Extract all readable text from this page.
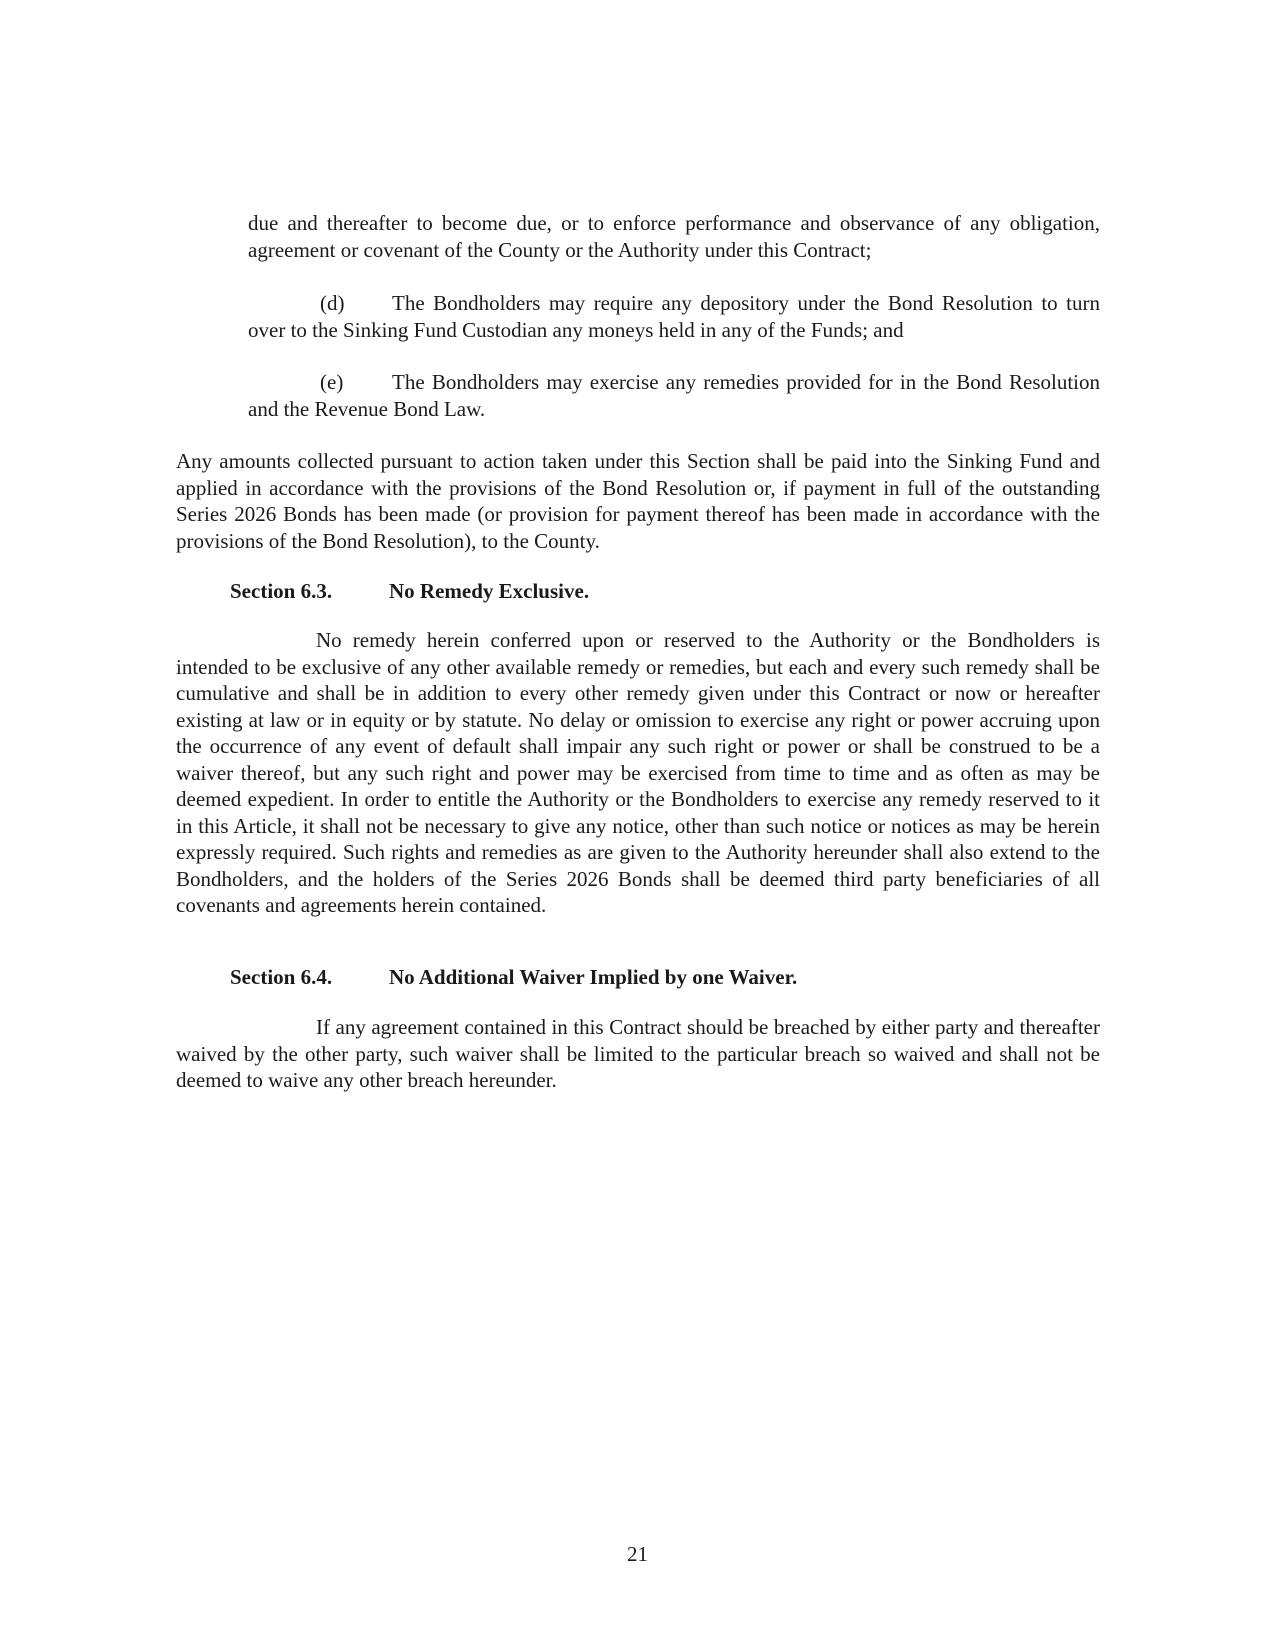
due and thereafter to become due, or to enforce performance and observance of any obligation, agreement or covenant of the County or the Authority under this Contract;

(d) The Bondholders may require any depository under the Bond Resolution to turn over to the Sinking Fund Custodian any moneys held in any of the Funds; and

(e) The Bondholders may exercise any remedies provided for in the Bond Resolution and the Revenue Bond Law.

Any amounts collected pursuant to action taken under this Section shall be paid into the Sinking Fund and applied in accordance with the provisions of the Bond Resolution or, if payment in full of the outstanding Series 2026 Bonds has been made (or provision for payment thereof has been made in accordance with the provisions of the Bond Resolution), to the County.

Section 6.3.	No Remedy Exclusive.

No remedy herein conferred upon or reserved to the Authority or the Bondholders is intended to be exclusive of any other available remedy or remedies, but each and every such remedy shall be cumulative and shall be in addition to every other remedy given under this Contract or now or hereafter existing at law or in equity or by statute. No delay or omission to exercise any right or power accruing upon the occurrence of any event of default shall impair any such right or power or shall be construed to be a waiver thereof, but any such right and power may be exercised from time to time and as often as may be deemed expedient. In order to entitle the Authority or the Bondholders to exercise any remedy reserved to it in this Article, it shall not be necessary to give any notice, other than such notice or notices as may be herein expressly required. Such rights and remedies as are given to the Authority hereunder shall also extend to the Bondholders, and the holders of the Series 2026 Bonds shall be deemed third party beneficiaries of all covenants and agreements herein contained.

Section 6.4.	No Additional Waiver Implied by one Waiver.

If any agreement contained in this Contract should be breached by either party and thereafter waived by the other party, such waiver shall be limited to the particular breach so waived and shall not be deemed to waive any other breach hereunder.

21
